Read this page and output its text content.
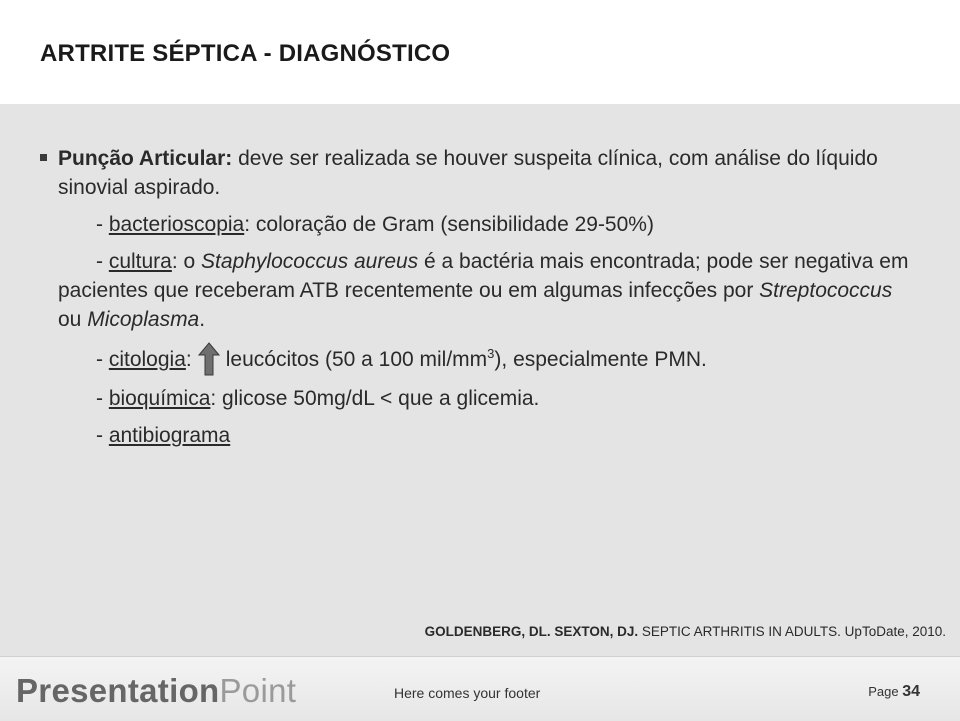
ARTRITE SÉPTICA - DIAGNÓSTICO

Punção Articular: deve ser realizada se houver suspeita clínica, com análise do líquido sinovial aspirado.

- bacterioscopia: coloração de Gram (sensibilidade 29-50%)

- cultura: o Staphylococcus aureus é a bactéria mais encontrada; pode ser negativa em pacientes que receberam ATB recentemente ou em algumas infecções por Streptococcus ou Micoplasma.

- citologia: leucócitos (50 a 100 mil/$mm^3$), especialmente PMN.

- bioquímica: glicose 50mg/dL < que a glicemia.

- antibiograma

GOLDENBERG, DL. SEXTON, DJ. SEPTIC ARTHRITIS IN ADULTS. UpToDate, 2010.
PresentationPoint	Here comes your footer	Page 34
